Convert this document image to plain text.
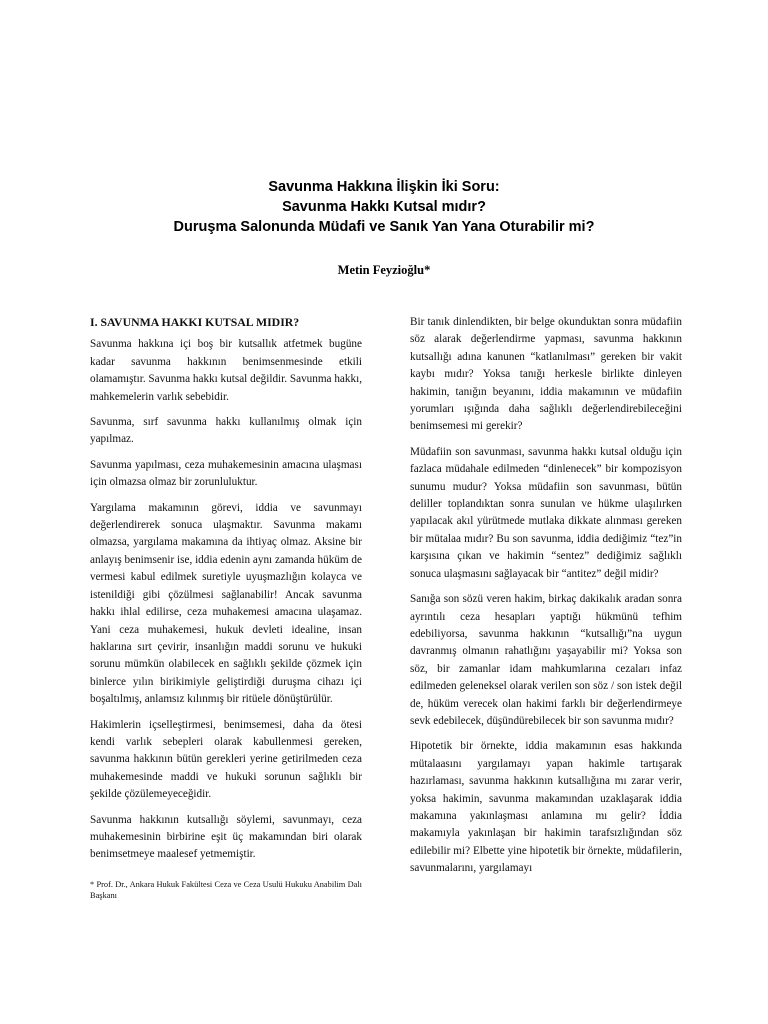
Savunma Hakkına İlişkin İki Soru:

Savunma Hakkı Kutsal mıdır?

Duruşma Salonunda Müdafi ve Sanık Yan Yana Oturabilir mi?

Metin Feyzioğlu*

I. SAVUNMA HAKKI KUTSAL MIDIR?

Savunma hakkına içi boş bir kutsallık atfetmek bugüne kadar savunma hakkının benimsenmesinde etkili olamamıştır. Savunma hakkı kutsal değildir. Savunma hakkı, mahkemelerin varlık sebebidir.

Savunma, sırf savunma hakkı kullanılmış olmak için yapılmaz.

Savunma yapılması, ceza muhakemesinin amacına ulaşması için olmazsa olmaz bir zorunluluktur.

Yargılama makamının görevi, iddia ve savunmayı değerlendirerek sonuca ulaşmaktır. Savunma makamı olmazsa, yargılama makamına da ihtiyaç olmaz. Aksine bir anlayış benimsenir ise, iddia edenin aynı zamanda hüküm de vermesi kabul edilmek suretiyle uyuşmazlığın kolayca ve istenildiği gibi çözülmesi sağlanabilir! Ancak savunma hakkı ihlal edilirse, ceza muhakemesi amacına ulaşamaz. Yani ceza muhakemesi, hukuk devleti idealine, insan haklarına sırt çevirir, insanlığın maddi sorunu ve hukuki sorunu mümkün olabilecek en sağlıklı şekilde çözmek için binlerce yılın birikimiyle geliştirdiği duruşma cihazı içi boşaltılmış, anlamsız kılınmış bir ritüele dönüştürülür.

Hakimlerin içselleştirmesi, benimsemesi, daha da ötesi kendi varlık sebepleri olarak kabullenmesi gereken, savunma hakkının bütün gerekleri yerine getirilmeden ceza muhakemesinde maddi ve hukuki sorunun sağlıklı bir şekilde çözülemeyeceğidir.

Savunma hakkının kutsallığı söylemi, savunmayı, ceza muhakemesinin birbirine eşit üç makamından biri olarak benimsetmeye maalesef yetmemiştir.

* Prof. Dr., Ankara Hukuk Fakültesi Ceza ve Ceza Usulü Hukuku Anabilim Dalı Başkanı

Bir tanık dinlendikten, bir belge okunduktan sonra müdafiin söz alarak değerlendirme yapması, savunma hakkının kutsallığı adına kanunen “katlanılması” gereken bir vakit kaybı mıdır? Yoksa tanığı herkesle birlikte dinleyen hakimin, tanığın beyanını, iddia makamının ve müdafiin yorumları ışığında daha sağlıklı değerlendirebileceğini benimsemesi mi gerekir?

Müdafiin son savunması, savunma hakkı kutsal olduğu için fazlaca müdahale edilmeden “dinlenecek” bir kompozisyon sunumu mudur? Yoksa müdafiin son savunması, bütün deliller toplandıktan sonra sunulan ve hükme ulaşılırken yapılacak akıl yürütmede mutlaka dikkate alınması gereken bir mütalaa mıdır? Bu son savunma, iddia dediğimiz “tez”in karşısına çıkan ve hakimin “sentez” dediğimiz sağlıklı sonuca ulaşmasını sağlayacak bir “antitez” değil midir?

Sanığa son sözü veren hakim, birkaç dakikalık aradan sonra ayrıntılı ceza hesapları yaptığı hükmünü tefhim edebiliyorsa, savunma hakkının “kutsallığı”na uygun davranmış olmanın rahatlığını yaşayabilir mi? Yoksa son söz, bir zamanlar idam mahkumlarına cezaları infaz edilmeden geleneksel olarak verilen son söz / son istek değil de, hüküm verecek olan hakimi farklı bir değerlendirmeye sevk edebilecek, düşündürebilecek bir son savunma mıdır?

Hipotetik bir örnekte, iddia makamının esas hakkında mütalaasını yargılamayı yapan hakimle tartışarak hazırlaması, savunma hakkının kutsallığına mı zarar verir, yoksa hakimin, savunma makamından uzaklaşarak iddia makamına yakınlaşması anlamına mı gelir? İddia makamıyla yakınlaşan bir hakimin tarafsızlığından söz edilebilir mi? Elbette yine hipotetik bir örnekte, müdafilerin, savunmalarını, yargılamayı
